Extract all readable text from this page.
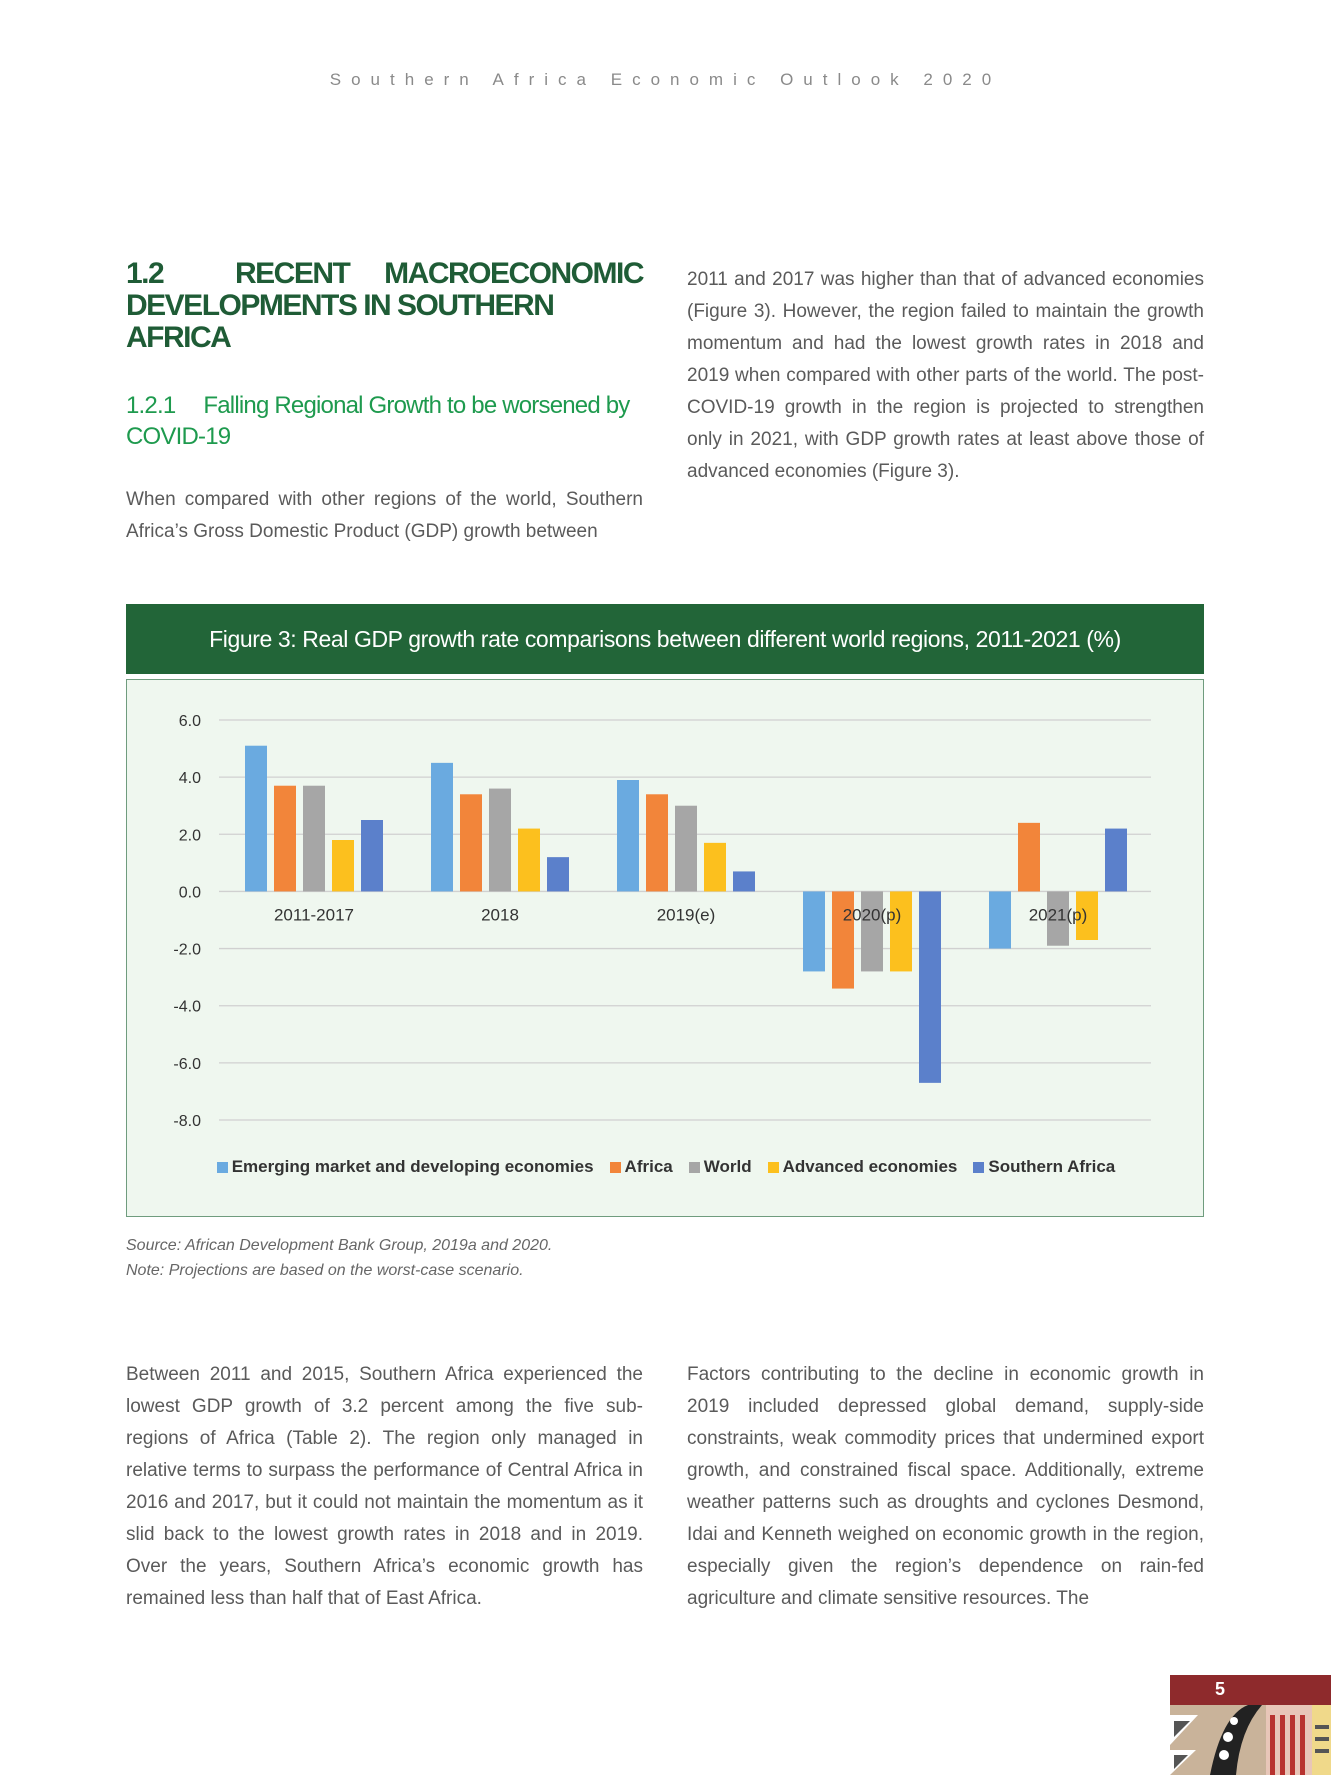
Southern Africa Economic Outlook 2020
1.2 RECENT MACROECONOMIC
DEVELOPMENTS IN SOUTHERN AFRICA
1.2.1 Falling Regional Growth to be worsened by COVID-19

When compared with other regions of the world, Southern Africa’s Gross Domestic Product (GDP) growth between

2011 and 2017 was higher than that of advanced economies (Figure 3). However, the region failed to maintain the growth momentum and had the lowest growth rates in 2018 and 2019 when compared with other parts of the world. The post-COVID-19 growth in the region is projected to strengthen only in 2021, with GDP growth rates at least above those of advanced economies (Figure 3).

Figure 3: Real GDP growth rate comparisons between different world regions, 2011-2021 (%)
6.0
4.0
2.0
0.0
-2.0
-4.0
-6.0
-8.0
2011-2017	2018	2019(e)	2020(p)	2021(p)
Emerging market and developing economies Africa World Advanced economies Southern Africa
Source: African Development Bank Group, 2019a and 2020.
Note: Projections are based on the worst-case scenario.

Between 2011 and 2015, Southern Africa experienced the lowest GDP growth of 3.2 percent among the five sub-regions of Africa (Table 2). The region only managed in relative terms to surpass the performance of Central Africa in 2016 and 2017, but it could not maintain the momentum as it slid back to the lowest growth rates in 2018 and in 2019. Over the years, Southern Africa’s economic growth has remained less than half that of East Africa.

Factors contributing to the decline in economic growth in 2019 included depressed global demand, supply-side constraints, weak commodity prices that undermined export growth, and constrained fiscal space. Additionally, extreme weather patterns such as droughts and cyclones Desmond, Idai and Kenneth weighed on economic growth in the region, especially given the region’s dependence on rain-fed agriculture and climate sensitive resources. The

5
